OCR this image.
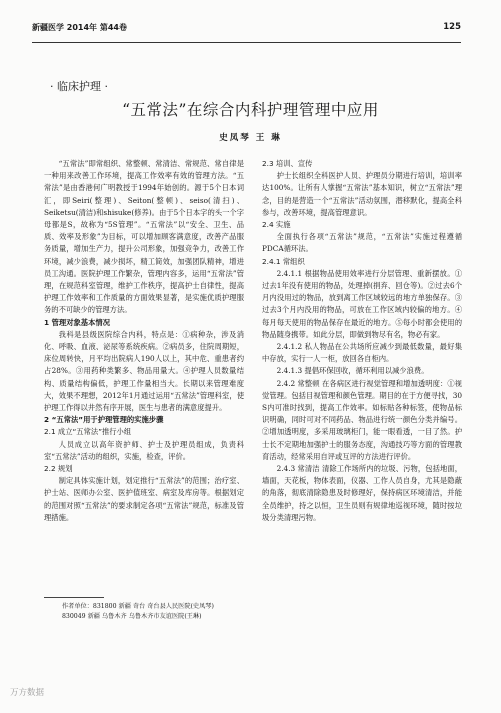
新疆医学 2014年 第44卷	125
· 临床护理 ·
“五常法”在综合内科护理管理中应用
史凤琴 王 琳

“五常法”即常组织、常整顿、常清洁、常规范、常自律是一种用来改善工作环境，提高工作效率有效的管理方法。“五常法”是由香港何广明教授于1994年始创的。源于5个日本词汇，即Seiri(整理)、Seiton(整顿)、seiso(清扫)、Seiketsu(清洁)和shisuke(修养)。由于5个日本字的头一个字母都是S，故称为“5S管理”。“五常法”以“安全、卫生、品质、效率及形象”为目标，可以增加顾客满意度，改善产品服务质量，增加生产力，提升公司形象，加强竞争力，改善工作环境，减少浪费，减少损坏，精工简效，加强团队精神，增进员工沟通。医院护理工作繁杂，管理内容多，运用“五常法”管理，在规范科室管理，维护工作秩序，提高护士自律性，提高护理工作效率和工作质量的方面效果显著，是实施优质护理服务的不可缺少的管理方法。

1 管理对象基本情况

我科是县级医院综合内科，特点是：①病种杂，涉及消化、呼吸、血液、泌尿等系统疾病。②病员多，住院周期短，床位周转快，月平均出院病人190人以上，其中危、重患者约占28%。③用药种类繁多、物品用量大。④护理人员数量结构、质量结构偏低，护理工作量相当大。长期以来管理难度大，效果不理想，2012年1月通过运用“五常法”管理科室，使护理工作得以井然有序开展，医生与患者的满意度提升。

2 “五常法”用于护理管理的实施步骤

2.1 成立“五常法”推行小组

人员成立以高年资护师、护士及护理员组成，负责科室“五常法”活动的组织，实施，检查，评价。

2.2 规划

制定具体实施计划，划定推行“五常法”的范围；治疗室、护士站、医师办公室、医护值班室、病室及库房等。根据划定的范围对照“五常法”的要求制定各项“五常法”规范，标准及管理措施。

2.3 培训、宣传

护士长组织全科医护人员、护理员分期进行培训，培训率达100%。让所有人掌握“五常法”基本知识，树立“五常法”理念，目的是营造一个“五常法”活动氛围，潜移默化，提高全科参与，改善环境，提高管理意识。

2.4 实施

全面执行各项“五常法”规范，“五常法”实施过程遵循PDCA循环法。

2.4.1 常组织

2.4.1.1 根据物品使用效率进行分层管理、重新摆放。①过去1年没有使用的物品，处理掉(捐弃、回仓等)。②过去6个月内没用过的物品，放到离工作区域较远的地方单独保存。③过去3个月内没用的物品，可放在工作区域内较偏的地方。④每月每天使用的物品保存在最近的地方。⑤每小时都会使用的物品随身携带。如此分层，即做到物尽有名，物必有家。

2.4.1.2 私人物品在公共场所应减少到最低数量，最好集中存放，实行一人一柜，放回各自柜内。

2.4.1.3 提倡环保回收，循环利用以减少浪费。

2.4.2 常整顿 在各病区进行视觉管理和增加透明度：①视觉管理。包括目视管理和颜色管理。期目的在于方便寻找，30 S内可准时找到，提高工作效率。如标贴各种标签，使物品标识明确，同时可对不同药品、物品进行统一颜色分类并编号。②增加透明度，多采用玻璃柜门，能一眼看透，一目了然。护士长不定期地加强护士的服务态度，沟通技巧等方面的管理教育活动，经常采用自评或互评的方法进行评价。

2.4.3 常清洁 清除工作场所内的垃圾、污物，包括地面，墙面，天花板，物体表面，仪器、工作人员自身，尤其是隐蔽的角落，彻底清除隐患及时修理好，保持病区环境清洁，并能全员维护，持之以恒，卫生员则有规律地巡视环境，随时按垃圾分类清理污物。

作者单位：831800 新疆 奇台 奇台县人民医院(史凤琴)
830049 新疆 乌鲁木齐 乌鲁木齐市友谊医院(王琳)
万方数据
